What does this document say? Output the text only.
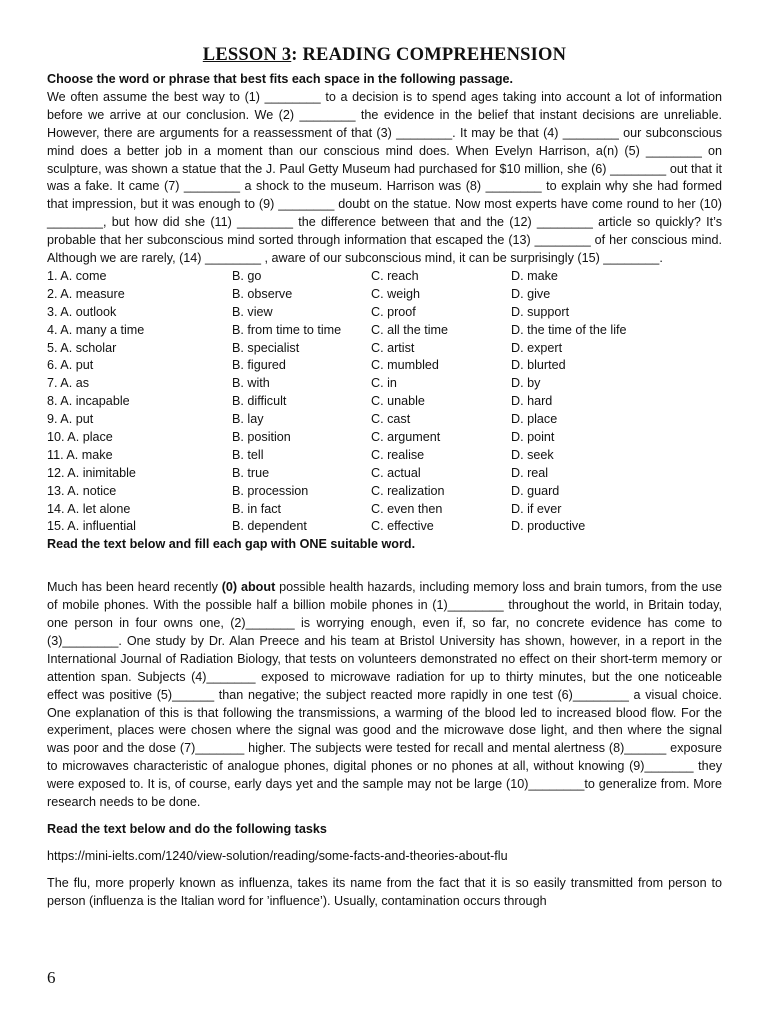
LESSON 3: READING COMPREHENSION

Choose the word or phrase that best fits each space in the following passage.

We often assume the best way to (1) ________ to a decision is to spend ages taking into account a lot of information before we arrive at our conclusion. We (2) ________ the evidence in the belief that instant decisions are unreliable. However, there are arguments for a reassessment of that (3) ________. It may be that (4) ________ our subconscious mind does a better job in a moment than our conscious mind does. When Evelyn Harrison, a(n) (5) ________ on sculpture, was shown a statue that the J. Paul Getty Museum had purchased for $10 million, she (6) ________ out that it was a fake. It came (7) ________ a shock to the museum. Harrison was (8) ________ to explain why she had formed that impression, but it was enough to (9) ________ doubt on the statue. Now most experts have come round to her (10) ________, but how did she (11) ________ the difference between that and the (12) ________ article so quickly? It’s probable that her subconscious mind sorted through information that escaped the (13) ________ of her conscious mind. Although we are rarely, (14) ________ , aware of our subconscious mind, it can be surprisingly (15) ________.

1. A. come	B. go	C. reach	D. make
2. A. measure	B. observe	C. weigh	D. give
3. A. outlook	B. view	C. proof	D. support
4. A. many a time	B. from time to time	C. all the time	D. the time of the life
5. A. scholar	B. specialist	C. artist	D. expert
6. A. put	B. figured	C. mumbled	D. blurted
7. A. as	B. with	C. in	D. by
8. A. incapable	B. difficult	C. unable	D. hard
9. A. put	B. lay	C. cast	D. place
10. A. place	B. position	C. argument	D. point
11. A. make	B. tell	C. realise	D. seek
12. A. inimitable	B. true	C. actual	D. real
13. A. notice	B. procession	C. realization	D. guard
14. A. let alone	B. in fact	C. even then	D. if ever
15. A. influential	B. dependent	C. effective	D. productive

Read the text below and fill each gap with ONE suitable word.

Much has been heard recently (0) about possible health hazards, including memory loss and brain tumors, from the use of mobile phones. With the possible half a billion mobile phones in (1)________ throughout the world, in Britain today, one person in four owns one, (2)_______ is worrying enough, even if, so far, no concrete evidence has come to (3)________. One study by Dr. Alan Preece and his team at Bristol University has shown, however, in a report in the International Journal of Radiation Biology, that tests on volunteers demonstrated no effect on their short-term memory or attention span. Subjects (4)_______ exposed to microwave radiation for up to thirty minutes, but the one noticeable effect was positive (5)______ than negative; the subject reacted more rapidly in one test (6)________ a visual choice. One explanation of this is that following the transmissions, a warming of the blood led to increased blood flow. For the experiment, places were chosen where the signal was good and the microwave dose light, and then where the signal was poor and the dose (7)_______ higher. The subjects were tested for recall and mental alertness (8)______ exposure to microwaves characteristic of analogue phones, digital phones or no phones at all, without knowing (9)_______ they were exposed to. It is, of course, early days yet and the sample may not be large (10)________to generalize from. More research needs to be done.

Read the text below and do the following tasks

https://mini-ielts.com/1240/view-solution/reading/some-facts-and-theories-about-flu

The flu, more properly known as influenza, takes its name from the fact that it is so easily transmitted from person to person (influenza is the Italian word for ’influence’). Usually, contamination occurs through

6
